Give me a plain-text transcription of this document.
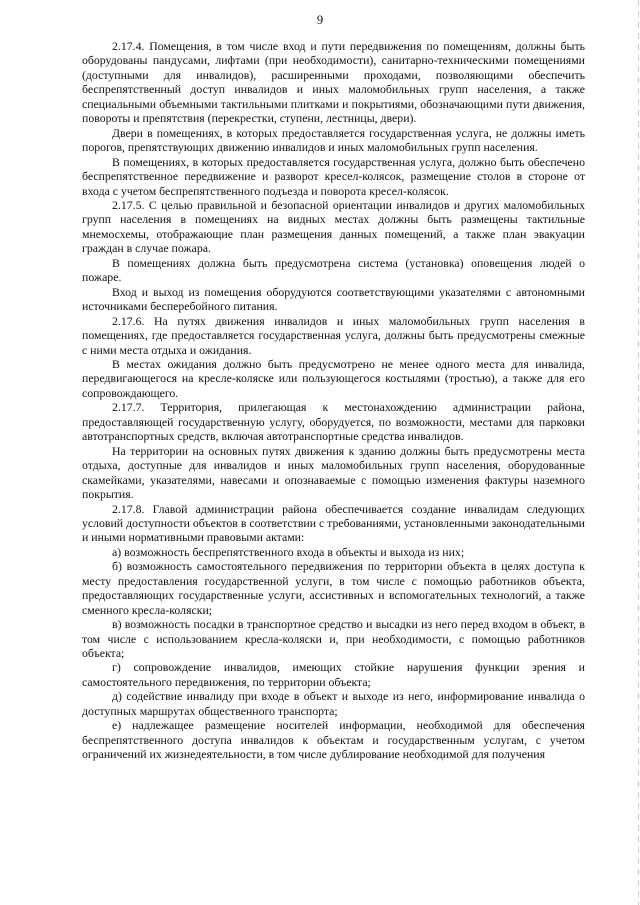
9

2.17.4. Помещения, в том числе вход и пути передвижения по помещениям, должны быть оборудованы пандусами, лифтами (при необходимости), санитарно-техническими помещениями (доступными для инвалидов), расширенными проходами, позволяющими обеспечить беспрепятственный доступ инвалидов и иных маломобильных групп населения, а также специальными объемными тактильными плитками и покрытиями, обозначающими пути движения, повороты и препятствия (перекрестки, ступени, лестницы, двери).

Двери в помещениях, в которых предоставляется государственная услуга, не должны иметь порогов, препятствующих движению инвалидов и иных маломобильных групп населения.

В помещениях, в которых предоставляется государственная услуга, должно быть обеспечено беспрепятственное передвижение и разворот кресел-колясок, размещение столов в стороне от входа с учетом беспрепятственного подъезда и поворота кресел-колясок.

2.17.5. С целью правильной и безопасной ориентации инвалидов и других маломобильных групп населения в помещениях на видных местах должны быть размещены тактильные мнемосхемы, отображающие план размещения данных помещений, а также план эвакуации граждан в случае пожара.

В помещениях должна быть предусмотрена система (установка) оповещения людей о пожаре.

Вход и выход из помещения оборудуются соответствующими указателями с автономными источниками бесперебойного питания.

2.17.6. На путях движения инвалидов и иных маломобильных групп населения в помещениях, где предоставляется государственная услуга, должны быть предусмотрены смежные с ними места отдыха и ожидания.

В местах ожидания должно быть предусмотрено не менее одного места для инвалида, передвигающегося на кресле-коляске или пользующегося костылями (тростью), а также для его сопровождающего.

2.17.7. Территория, прилегающая к местонахождению администрации района, предоставляющей государственную услугу, оборудуется, по возможности, местами для парковки автотранспортных средств, включая автотранспортные средства инвалидов.

На территории на основных путях движения к зданию должны быть предусмотрены места отдыха, доступные для инвалидов и иных маломобильных групп населения, оборудованные скамейками, указателями, навесами и опознаваемые с помощью изменения фактуры наземного покрытия.

2.17.8. Главой администрации района обеспечивается создание инвалидам следующих условий доступности объектов в соответствии с требованиями, установленными законодательными и иными нормативными правовыми актами:

а) возможность беспрепятственного входа в объекты и выхода из них;

б) возможность самостоятельного передвижения по территории объекта в целях доступа к месту предоставления государственной услуги, в том числе с помощью работников объекта, предоставляющих государственные услуги, ассистивных и вспомогательных технологий, а также сменного кресла-коляски;

в) возможность посадки в транспортное средство и высадки из него перед входом в объект, в том числе с использованием кресла-коляски и, при необходимости, с помощью работников объекта;

г) сопровождение инвалидов, имеющих стойкие нарушения функции зрения и самостоятельного передвижения, по территории объекта;

д) содействие инвалиду при входе в объект и выходе из него, информирование инвалида о доступных маршрутах общественного транспорта;

е) надлежащее размещение носителей информации, необходимой для обеспечения беспрепятственного доступа инвалидов к объектам и государственным услугам, с учетом ограничений их жизнедеятельности, в том числе дублирование необходимой для получения
